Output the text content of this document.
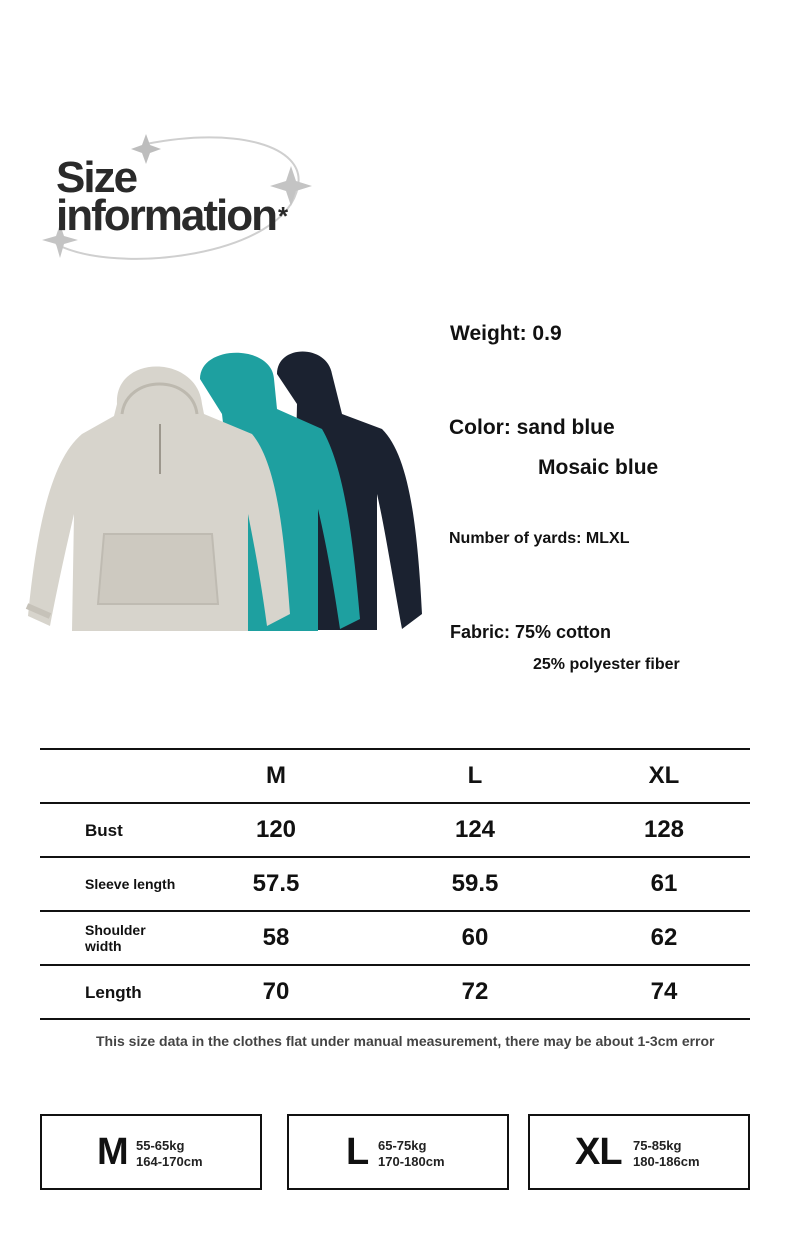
Size
information*
Weight: 0.9
Color: sand blue
Mosaic blue
Number of yards: MLXL
Fabric: 75% cotton
25% polyester fiber
M	L	XL
Bust	120	124	128
Sleeve length	57.5	59.5	61
Shoulder
width	58	60	62
Length	70	72	74
This size data in the clothes flat under manual measurement, there may be about 1-3cm error
M 55-65kg
164-170cm	L 65-75kg
170-180cm	XL 75-85kg
180-186cm
